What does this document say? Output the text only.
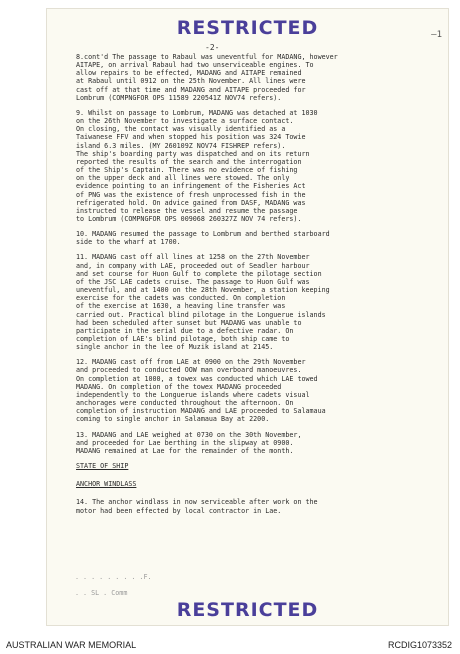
RESTRICTED
-2-
—1
8.cont'd The passage to Rabaul was uneventful for MADANG, however
AITAPE, on arrival Rabaul had two unserviceable engines. To
allow repairs to be effected, MADANG and AITAPE remained
at Rabaul until 0912 on the 25th November. All lines were
cast off at that time and MADANG and AITAPE proceeded for
Lombrum (COMPNGFOR OPS 11589 220541Z NOV74 refers).
9. Whilst on passage to Lombrum, MADANG was detached at 1030
on the 26th November to investigate a surface contact.
On closing, the contact was visually identified as a
Taiwanese FFV and when stopped his position was 324 Towie
island 6.3 miles. (MY 260109Z NOV74 FISHREP refers).
The ship's boarding party was dispatched and on its return
reported the results of the search and the interrogation
of the Ship's Captain. There was no evidence of fishing
on the upper deck and all lines were stowed. The only
evidence pointing to an infringement of the Fisheries Act
of PNG was the existence of fresh unprocessed fish in the
refrigerated hold. On advice gained from DASF, MADANG was
instructed to release the vessel and resume the passage
to Lombrum (COMPNGFOR OPS 009068 260327Z NOV 74 refers).
10. MADANG resumed the passage to Lombrum and berthed starboard
side to the wharf at 1700.
11. MADANG cast off all lines at 1258 on the 27th November
and, in company with LAE, proceeded out of Seadler harbour
and set course for Huon Gulf to complete the pilotage section
of the JSC LAE cadets cruise. The passage to Huon Gulf was
uneventful, and at 1400 on the 28th November, a station keeping
exercise for the cadets was conducted. On completion
of the exercise at 1630, a heaving line transfer was
carried out. Practical blind pilotage in the Longuerue islands
had been scheduled after sunset but MADANG was unable to
participate in the serial due to a defective radar. On
completion of LAE's blind pilotage, both ship came to
single anchor in the lee of Muzik island at 2145.
12. MADANG cast off from LAE at 0900 on the 29th November
and proceeded to conducted OOW man overboard manoeuvres.
On completion at 1000, a towex was conducted which LAE towed
MADANG. On completion of the towex MADANG proceeded
independently to the Longuerue islands where cadets visual
anchorages were conducted throughout the afternoon. On
completion of instruction MADANG and LAE proceeded to Salamaua
coming to single anchor in Salamaua Bay at 2200.
13. MADANG and LAE weighed at 0730 on the 30th November,
and proceeded for Lae berthing in the slipway at 0900.
MADANG remained at Lae for the remainder of the month.
STATE OF SHIP
ANCHOR WINDLASS
14. The anchor windlass in now serviceable after work on the
motor had been effected by local contractor in Lae.
. . . . . . . . .F.
. . SL . Comm
RESTRICTED
AUSTRALIAN WAR MEMORIAL	RCDIG1073352
